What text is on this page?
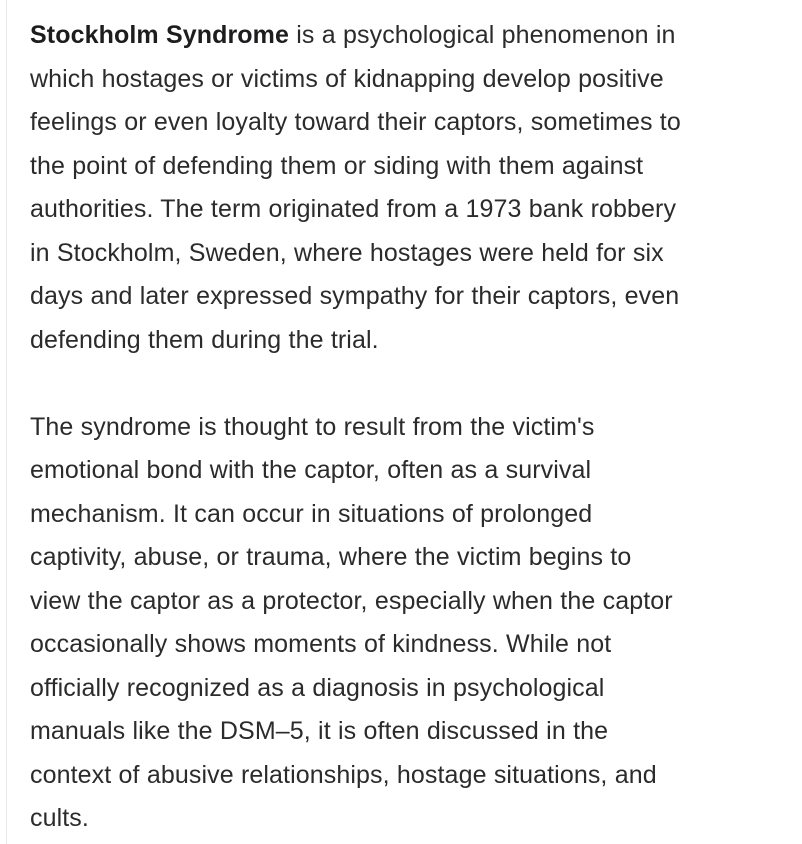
Stockholm Syndrome is a psychological phenomenon in
which hostages or victims of kidnapping develop positive
feelings or even loyalty toward their captors, sometimes to
the point of defending them or siding with them against
authorities. The term originated from a 1973 bank robbery
in Stockholm, Sweden, where hostages were held for six
days and later expressed sympathy for their captors, even
defending them during the trial.

The syndrome is thought to result from the victim's
emotional bond with the captor, often as a survival
mechanism. It can occur in situations of prolonged
captivity, abuse, or trauma, where the victim begins to
view the captor as a protector, especially when the captor
occasionally shows moments of kindness. While not
officially recognized as a diagnosis in psychological
manuals like the DSM–5, it is often discussed in the
context of abusive relationships, hostage situations, and
cults.
